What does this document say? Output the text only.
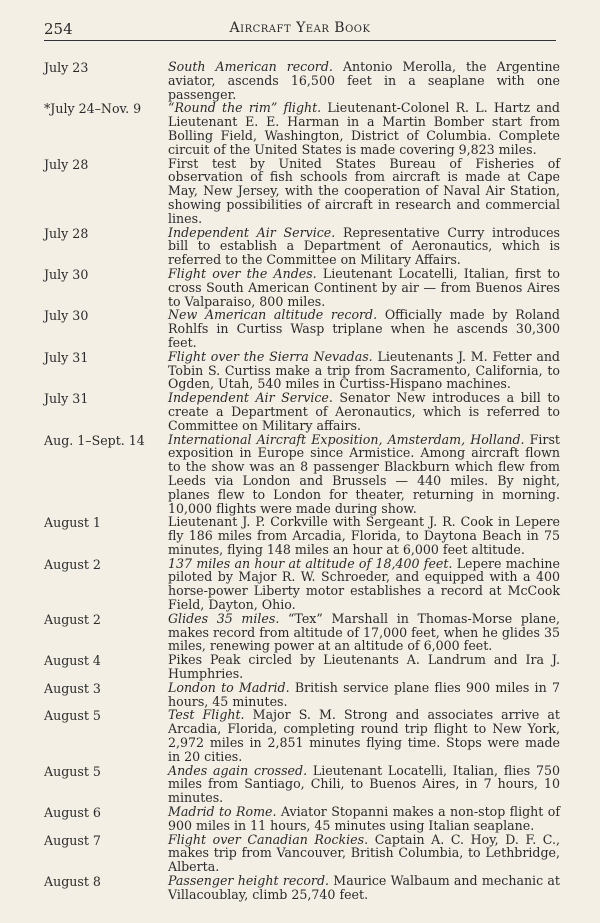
254	Aircraft Year Book
July 23	South American record. Antonio Merolla, the Argentine aviator, ascends 16,500 feet in a seaplane with one passenger.
*July 24–Nov. 9	“Round the rim” flight. Lieutenant-Colonel R. L. Hartz and Lieutenant E. E. Harman in a Martin Bomber start from Bolling Field, Washington, District of Columbia. Complete circuit of the United States is made covering 9,823 miles.
July 28	First test by United States Bureau of Fisheries of observation of fish schools from aircraft is made at Cape May, New Jersey, with the cooperation of Naval Air Station, showing possibilities of aircraft in research and commercial lines.
July 28	Independent Air Service. Representative Curry introduces bill to establish a Department of Aeronautics, which is referred to the Committee on Military Affairs.
July 30	Flight over the Andes. Lieutenant Locatelli, Italian, first to cross South American Continent by air — from Buenos Aires to Valparaiso, 800 miles.
July 30	New American altitude record. Officially made by Roland Rohlfs in Curtiss Wasp triplane when he ascends 30,300 feet.
July 31	Flight over the Sierra Nevadas. Lieutenants J. M. Fetter and Tobin S. Curtiss make a trip from Sacramento, California, to Ogden, Utah, 540 miles in Curtiss-Hispano machines.
July 31	Independent Air Service. Senator New introduces a bill to create a Department of Aeronautics, which is referred to Committee on Military affairs.
Aug. 1–Sept. 14	International Aircraft Exposition, Amsterdam, Holland. First exposition in Europe since Armistice. Among aircraft flown to the show was an 8 passenger Blackburn which flew from Leeds via London and Brussels — 440 miles. By night, planes flew to London for theater, returning in morning. 10,000 flights were made during show.
August 1	Lieutenant J. P. Corkville with Sergeant J. R. Cook in Lepere fly 186 miles from Arcadia, Florida, to Daytona Beach in 75 minutes, flying 148 miles an hour at 6,000 feet altitude.
August 2	137 miles an hour at altitude of 18,400 feet. Lepere machine piloted by Major R. W. Schroeder, and equipped with a 400 horse-power Liberty motor establishes a record at McCook Field, Dayton, Ohio.
August 2	Glides 35 miles. “Tex” Marshall in Thomas-Morse plane, makes record from altitude of 17,000 feet, when he glides 35 miles, renewing power at an altitude of 6,000 feet.
August 4	Pikes Peak circled by Lieutenants A. Landrum and Ira J. Humphries.
August 3	London to Madrid. British service plane flies 900 miles in 7 hours, 45 minutes.
August 5	Test Flight. Major S. M. Strong and associates arrive at Arcadia, Florida, completing round trip flight to New York, 2,972 miles in 2,851 minutes flying time. Stops were made in 20 cities.
August 5	Andes again crossed. Lieutenant Locatelli, Italian, flies 750 miles from Santiago, Chili, to Buenos Aires, in 7 hours, 10 minutes.
August 6	Madrid to Rome. Aviator Stopanni makes a non-stop flight of 900 miles in 11 hours, 45 minutes using Italian seaplane.
August 7	Flight over Canadian Rockies. Captain A. C. Hoy, D. F. C., makes trip from Vancouver, British Columbia, to Lethbridge, Alberta.
August 8	Passenger height record. Maurice Walbaum and mechanic at Villacoublay, climb 25,740 feet.
